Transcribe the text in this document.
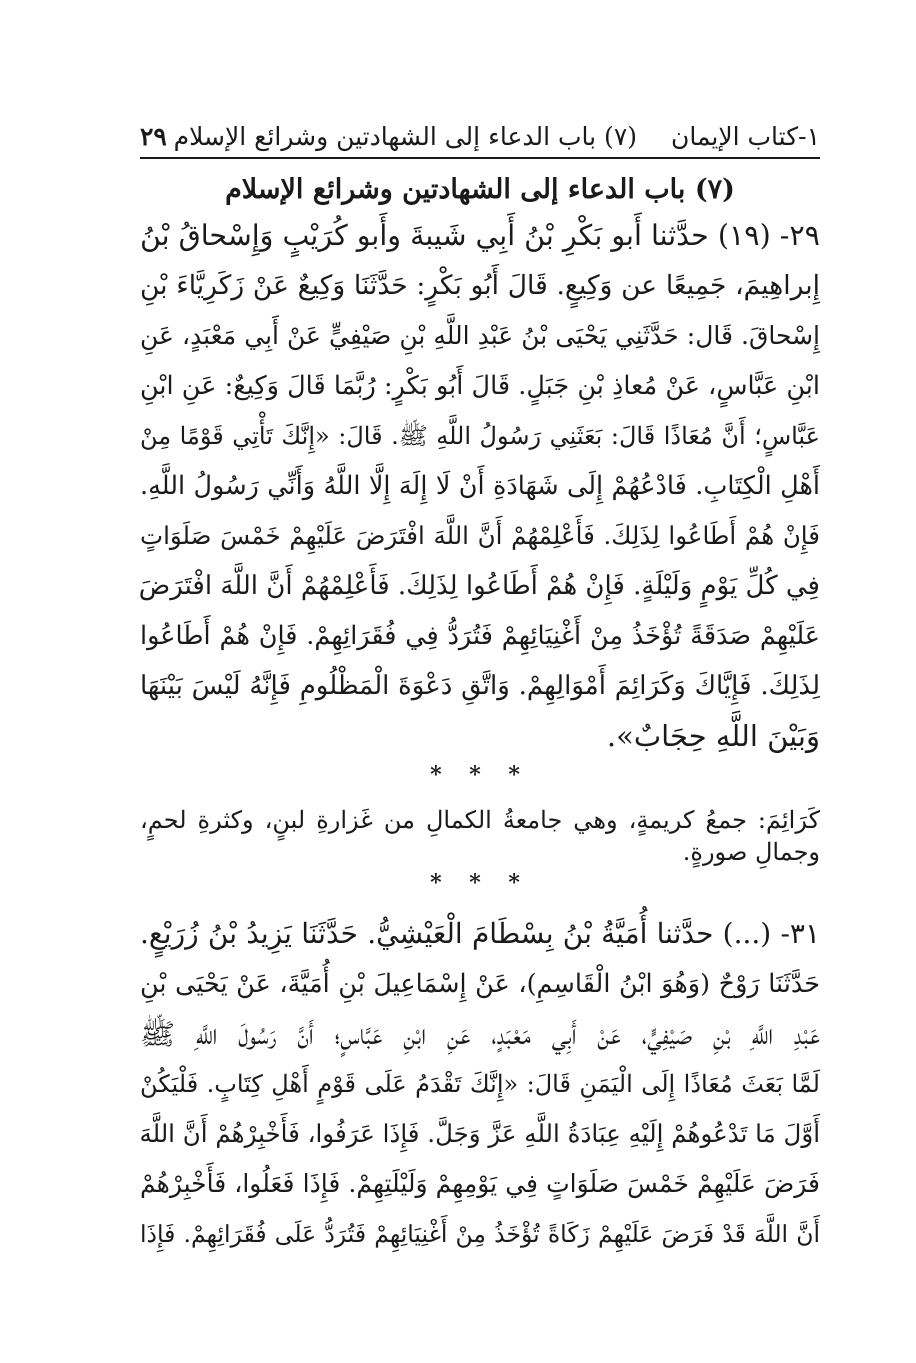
١-كتاب الإيمان (٧) باب الدعاء إلى الشهادتين وشرائع الإسلام
٢٩
(٧) باب الدعاء إلى الشهادتين وشرائع الإسلام
٢٩- (١٩) حدَّثنا أَبو بَكْرِ بْنُ أَبِي شَيبةَ وأَبو كُرَيْبٍ وَإِسْحاقُ بْنُ
إِبراهِيمَ، جَمِيعًا عن وَكِيعٍ. قَالَ أَبُو بَكْرٍ: حَدَّثَنَا وَكِيعٌ عَنْ زَكَرِيَّاءَ بْنِ
إِسْحاقَ. قَال: حَدَّثَنِي يَحْيَى بْنُ عَبْدِ اللَّهِ بْنِ صَيْفِيٍّ عَنْ أَبِي مَعْبَدٍ، عَنِ
ابْنِ عَبَّاسٍ، عَنْ مُعاذِ بْنِ جَبَلٍ. قَالَ أَبُو بَكْرٍ: رُبَّمَا قَالَ وَكِيعٌ: عَنِ ابْنِ
عَبَّاسٍ؛ أَنَّ مُعَاذًا قَالَ: بَعَثَنِي رَسُولُ اللَّهِ ﷺ. قَالَ: «إِنَّكَ تَأْتِي قَوْمًا مِنْ
أَهْلِ الْكِتَابِ. فَادْعُهُمْ إِلَى شَهَادَةِ أَنْ لَا إِلَهَ إِلَّا اللَّهُ وَأَنِّي رَسُولُ اللَّهِ.
فَإِنْ هُمْ أَطَاعُوا لِذَلِكَ. فَأَعْلِمْهُمْ أَنَّ اللَّهَ افْتَرَضَ عَلَيْهِمْ خَمْسَ صَلَوَاتٍ
فِي كُلِّ يَوْمٍ وَلَيْلَةٍ. فَإِنْ هُمْ أَطَاعُوا لِذَلِكَ. فَأَعْلِمْهُمْ أَنَّ اللَّهَ افْتَرَضَ
عَلَيْهِمْ صَدَقَةً تُؤْخَذُ مِنْ أَغْنِيَائِهِمْ فَتُرَدُّ فِي فُقَرَائِهِمْ. فَإِنْ هُمْ أَطَاعُوا
لِذَلِكَ. فَإِيَّاكَ وَكَرَائِمَ أَمْوَالِهِمْ. وَاتَّقِ دَعْوَةَ الْمَظْلُومِ فَإِنَّهُ لَيْسَ بَيْنَهَا
وَبَيْنَ اللَّهِ حِجَابٌ».
* * *
كَرَائِمَ: جمعُ كريمةٍ، وهي جامعةُ الكمالِ من غَزارةِ لبنٍ، وكثرةِ لحمٍ،
وجمالِ صورةٍ.
* * *
٣١- (...) حدَّثنا أُمَيَّةُ بْنُ بِسْطَامَ الْعَيْشِيُّ. حَدَّثَنَا يَزِيدُ بْنُ زُرَيْعٍ.
حَدَّثَنَا رَوْحٌ (وَهُوَ ابْنُ الْقَاسِمِ)، عَنْ إِسْمَاعِيلَ بْنِ أُمَيَّةَ، عَنْ يَحْيَى بْنِ
عَبْدِ اللَّهِ بْنِ صَيْفِيٍّ، عَنْ أَبِي مَعْبَدٍ، عَنِ ابْنِ عَبَّاسٍ؛ أَنَّ رَسُولَ اللَّهِ ﷺ
لَمَّا بَعَثَ مُعَاذًا إِلَى الْيَمَنِ قَالَ: «إِنَّكَ تَقْدَمُ عَلَى قَوْمٍ أَهْلِ كِتَابٍ. فَلْيَكُنْ
أَوَّلَ مَا تَدْعُوهُمْ إِلَيْهِ عِبَادَةُ اللَّهِ عَزَّ وَجَلَّ. فَإِذَا عَرَفُوا، فَأَخْبِرْهُمْ أَنَّ اللَّهَ
فَرَضَ عَلَيْهِمْ خَمْسَ صَلَوَاتٍ فِي يَوْمِهِمْ وَلَيْلَتِهِمْ. فَإِذَا فَعَلُوا، فَأَخْبِرْهُمْ
أَنَّ اللَّهَ قَدْ فَرَضَ عَلَيْهِمْ زَكَاةً تُؤْخَذُ مِنْ أَغْنِيَائِهِمْ فَتُرَدُّ عَلَى فُقَرَائِهِمْ. فَإِذَا
